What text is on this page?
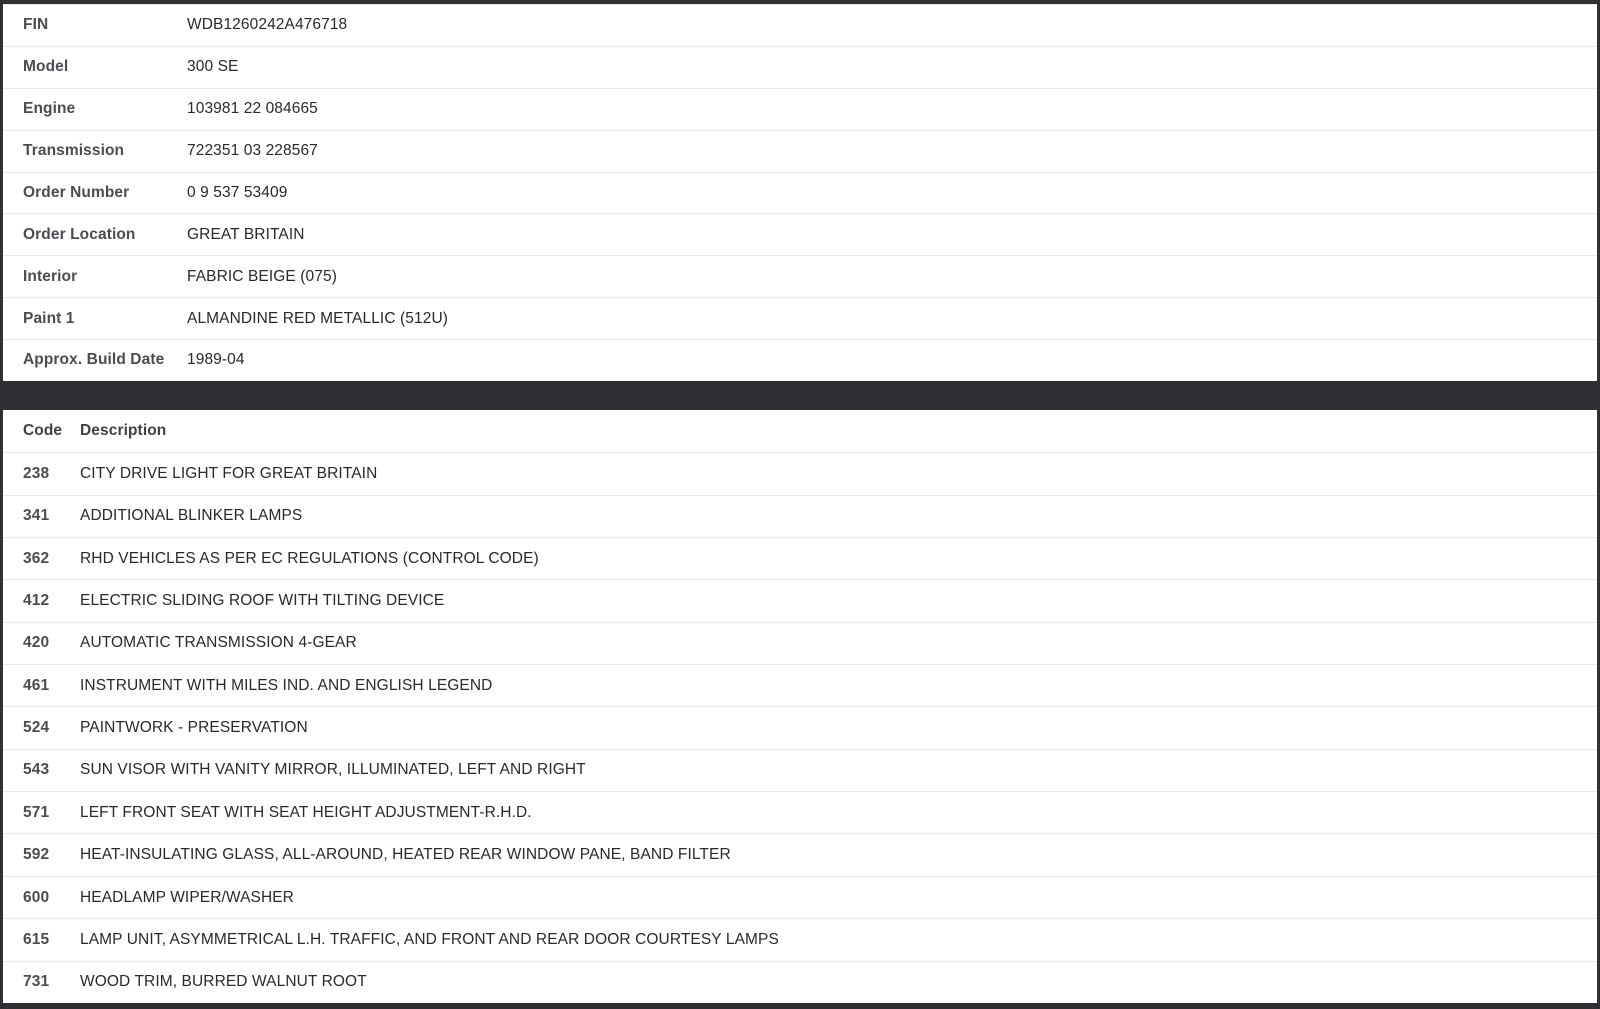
FIN	WDB1260242A476718
Model	300 SE
Engine	103981 22 084665
Transmission	722351 03 228567
Order Number	0 9 537 53409
Order Location	GREAT BRITAIN
Interior	FABRIC BEIGE (075)
Paint 1	ALMANDINE RED METALLIC (512U)
Approx. Build Date	1989-04
Code	Description
238	CITY DRIVE LIGHT FOR GREAT BRITAIN
341	ADDITIONAL BLINKER LAMPS
362	RHD VEHICLES AS PER EC REGULATIONS (CONTROL CODE)
412	ELECTRIC SLIDING ROOF WITH TILTING DEVICE
420	AUTOMATIC TRANSMISSION 4-GEAR
461	INSTRUMENT WITH MILES IND. AND ENGLISH LEGEND
524	PAINTWORK - PRESERVATION
543	SUN VISOR WITH VANITY MIRROR, ILLUMINATED, LEFT AND RIGHT
571	LEFT FRONT SEAT WITH SEAT HEIGHT ADJUSTMENT-R.H.D.
592	HEAT-INSULATING GLASS, ALL-AROUND, HEATED REAR WINDOW PANE, BAND FILTER
600	HEADLAMP WIPER/WASHER
615	LAMP UNIT, ASYMMETRICAL L.H. TRAFFIC, AND FRONT AND REAR DOOR COURTESY LAMPS
731	WOOD TRIM, BURRED WALNUT ROOT
